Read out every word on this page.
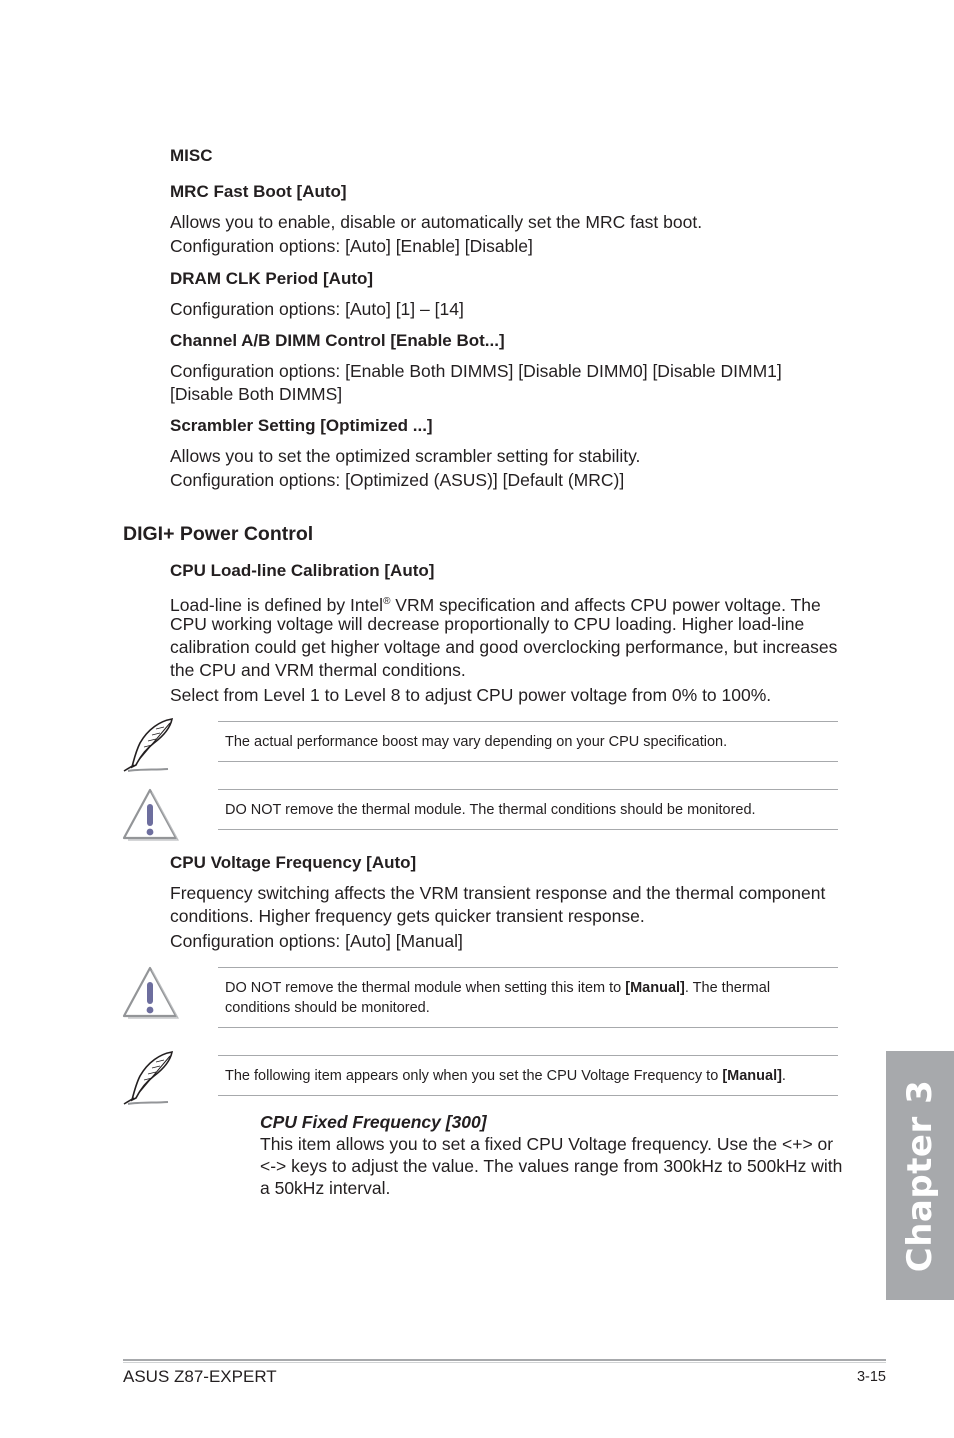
MISC
MRC Fast Boot [Auto]
Allows you to enable, disable or automatically set the MRC fast boot.
Configuration options: [Auto] [Enable] [Disable]
DRAM CLK Period [Auto]
Configuration options: [Auto] [1] – [14]
Channel A/B DIMM Control [Enable Bot...]
Configuration options: [Enable Both DIMMS] [Disable DIMM0] [Disable DIMM1]
[Disable Both DIMMS]
Scrambler Setting [Optimized ...]
Allows you to set the optimized scrambler setting for stability.
Configuration options: [Optimized (ASUS)] [Default (MRC)]
DIGI+ Power Control
CPU Load-line Calibration [Auto]
Load-line is defined by Intel® VRM specification and affects CPU power voltage. The
CPU working voltage will decrease proportionally to CPU loading. Higher load-line
calibration could get higher voltage and good overclocking performance, but increases
the CPU and VRM thermal conditions.
Select from Level 1 to Level 8 to adjust CPU power voltage from 0% to 100%.
The actual performance boost may vary depending on your CPU specification.
DO NOT remove the thermal module. The thermal conditions should be monitored.
CPU Voltage Frequency [Auto]
Frequency switching affects the VRM transient response and the thermal component
conditions. Higher frequency gets quicker transient response.
Configuration options: [Auto] [Manual]
DO NOT remove the thermal module when setting this item to [Manual]. The thermal
conditions should be monitored.
The following item appears only when you set the CPU Voltage Frequency to [Manual].
CPU Fixed Frequency [300]
This item allows you to set a fixed CPU Voltage frequency. Use the <+> or
<-> keys to adjust the value. The values range from 300kHz to 500kHz with
a 50kHz interval.	Chapter 3
ASUS Z87-EXPERT	3-15
